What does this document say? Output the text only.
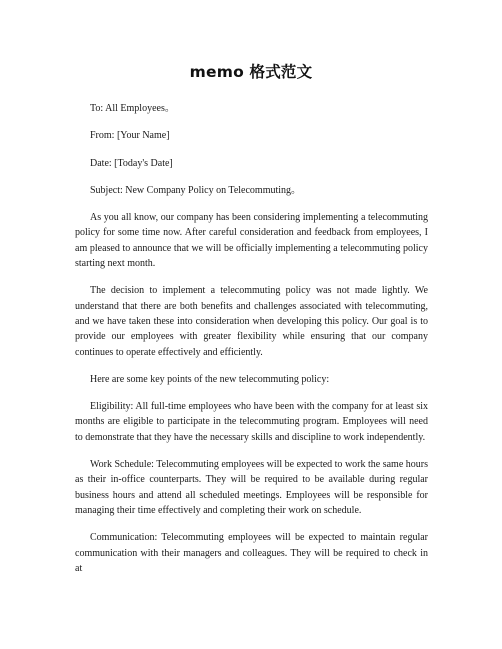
memo 格式范文

To: All Employees。

From: [Your Name]

Date: [Today's Date]

Subject: New Company Policy on Telecommuting。

As you all know, our company has been considering implementing a telecommuting policy for some time now. After careful consideration and feedback from employees, I am pleased to announce that we will be officially implementing a telecommuting policy starting next month.

The decision to implement a telecommuting policy was not made lightly. We understand that there are both benefits and challenges associated with telecommuting, and we have taken these into consideration when developing this policy. Our goal is to provide our employees with greater flexibility while ensuring that our company continues to operate effectively and efficiently.

Here are some key points of the new telecommuting policy:

Eligibility: All full-time employees who have been with the company for at least six months are eligible to participate in the telecommuting program. Employees will need to demonstrate that they have the necessary skills and discipline to work independently.

Work Schedule: Telecommuting employees will be expected to work the same hours as their in-office counterparts. They will be required to be available during regular business hours and attend all scheduled meetings. Employees will be responsible for managing their time effectively and completing their work on schedule.

Communication: Telecommuting employees will be expected to maintain regular communication with their managers and colleagues. They will be required to check in at
